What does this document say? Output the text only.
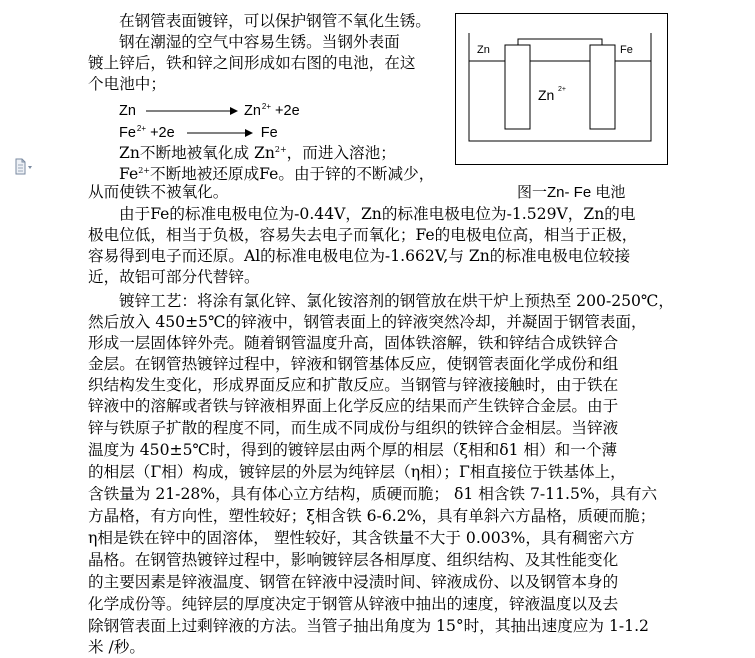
在钢管表面镀锌，可以保护钢管不氧化生锈。
钢在潮湿的空气中容易生锈。当钢外表面
镀上锌后，铁和锌之间形成如右图的电池，在这
个电池中；
Zn	$Zn^{2+} +2e$
$Fe^{2+} +2e$	Fe
Zn不断地被氧化成 $Zn^{2+}$，而进入溶池；
$Fe^{2+}$不断地被还原成Fe。由于锌的不断减少，
从而使铁不被氧化。
Zn	Fe
Zn 2+
图一Zn- Fe 电池
由于Fe的标准电极电位为-0.44V，Zn的标准电极电位为-1.529V，Zn的电
极电位低，相当于负极，容易失去电子而氧化；Fe的电极电位高，相当于正极，
容易得到电子而还原。Al的标准电极电位为-1.662V,与 Zn的标准电极电位较接
近，故铝可部分代替锌。
镀锌工艺：将涂有氯化锌、氯化铵溶剂的钢管放在烘干炉上预热至 200-250℃，
然后放入 450±5℃的锌液中，钢管表面上的锌液突然冷却，并凝固于钢管表面，
形成一层固体锌外壳。随着钢管温度升高，固体铁溶解，铁和锌结合成铁锌合
金层。在钢管热镀锌过程中，锌液和钢管基体反应，使钢管表面化学成份和组
织结构发生变化，形成界面反应和扩散反应。当钢管与锌液接触时，由于铁在
锌液中的溶解或者铁与锌液相界面上化学反应的结果而产生铁锌合金层。由于
锌与铁原子扩散的程度不同，而生成不同成份与组织的铁锌合金相层。当锌液
温度为 450±5℃时，得到的镀锌层由两个厚的相层（ξ相和δ1 相）和一个薄
的相层（Γ相）构成，镀锌层的外层为纯锌层（η相）；Γ相直接位于铁基体上，
含铁量为 21-28%，具有体心立方结构，质硬而脆； δ1 相含铁 7-11.5%，具有六
方晶格，有方向性，塑性较好；ξ相含铁 6-6.2%，具有单斜六方晶格，质硬而脆；
η相是铁在锌中的固溶体， 塑性较好，其含铁量不大于 0.003%，具有稠密六方
晶格。在钢管热镀锌过程中，影响镀锌层各相厚度、组织结构、及其性能变化
的主要因素是锌液温度、钢管在锌液中浸渍时间、锌液成份、以及钢管本身的
化学成份等。纯锌层的厚度决定于钢管从锌液中抽出的速度，锌液温度以及去
除钢管表面上过剩锌液的方法。当管子抽出角度为 15°时，其抽出速度应为 1-1.2
米 /秒。
